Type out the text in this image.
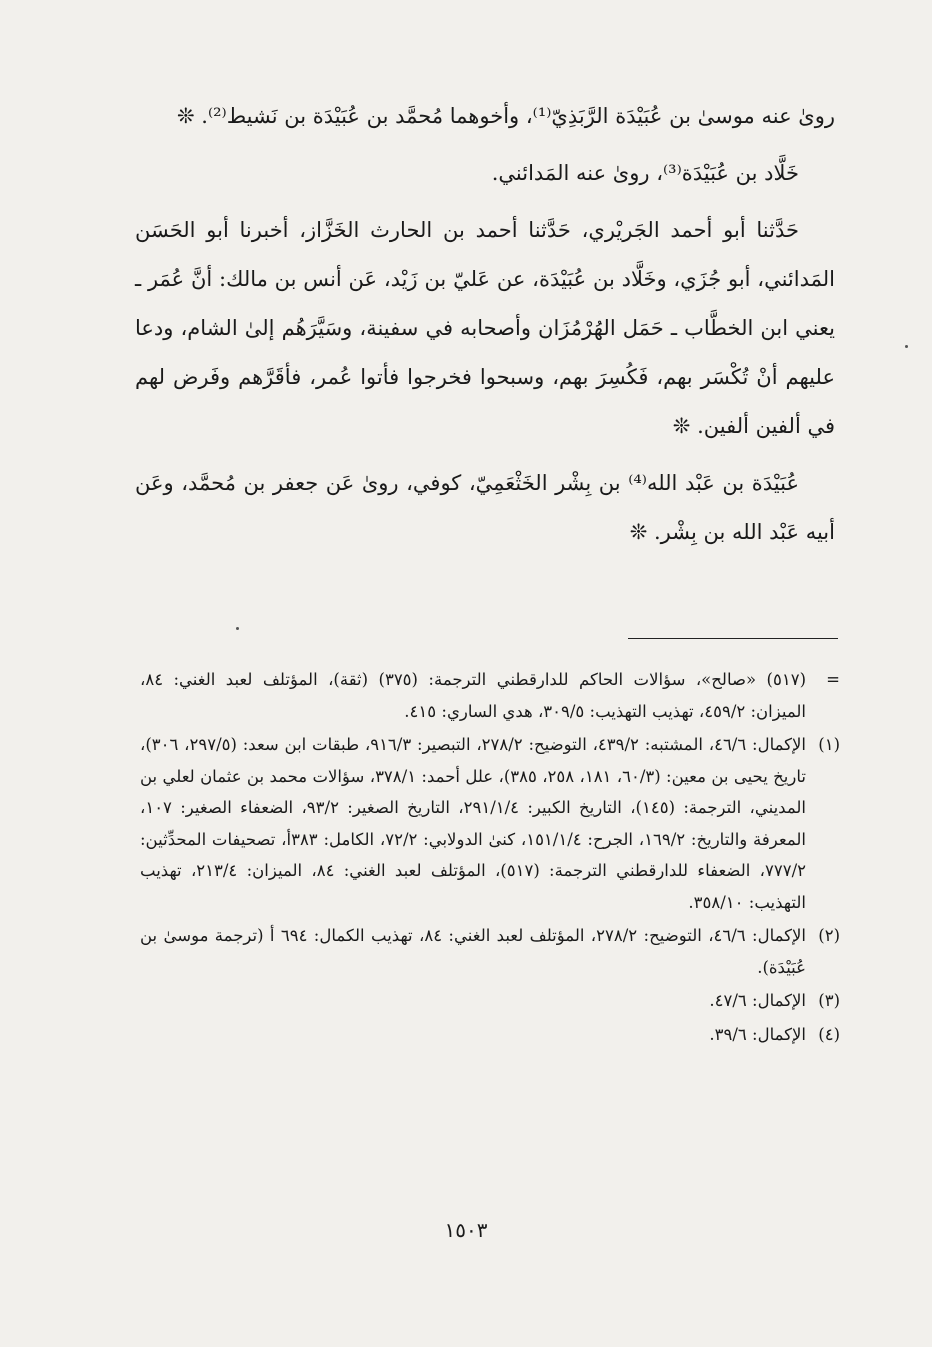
روىٰ عنه موسىٰ بن عُبَيْدَة الرَّبَذِيّ⁽¹⁾، وأخوهما مُحمَّد بن عُبَيْدَة بن نَشيط⁽²⁾. ❊

خَلَّاد بن عُبَيْدَة⁽³⁾، روىٰ عنه المَدائني.

حَدَّثنا أبو أحمد الجَريْري، حَدَّثنا أحمد بن الحارث الخَزَّاز، أخبرنا أبو الحَسَن المَدائني، أبو جُزَي، وخَلَّاد بن عُبَيْدَة، عن عَليّ بن زَيْد، عَن أنس بن مالك: أنَّ عُمَر ـ يعني ابن الخطَّاب ـ حَمَل الهُرْمُزَان وأصحابه في سفينة، وسَيَّرَهُم إلىٰ الشام، ودعا عليهم أنْ تُكْسَر بهم، فَكُسِرَ بهم، وسبحوا فخرجوا فأتوا عُمر، فأقَرَّهم وفَرض لهم في ألفين ألفين. ❊

عُبَيْدَة بن عَبْد الله⁽⁴⁾ بن بِشْر الخَثْعَمِيّ، كوفي، روىٰ عَن جعفر بن مُحمَّد، وعَن أبيه عَبْد الله بن بِشْر. ❊

=
(٥١٧) «صالح»، سؤالات الحاكم للدارقطني الترجمة: (٣٧٥) (ثقة)، المؤتلف لعبد الغني: ٨٤، الميزان: ٤٥٩/٢، تهذيب التهذيب: ٣٠٩/٥، هدي الساري: ٤١٥.
(١)
الإكمال: ٤٦/٦، المشتبه: ٤٣٩/٢، التوضيح: ٢٧٨/٢، التبصير: ٩١٦/٣، طبقات ابن سعد: (٢٩٧/٥، ٣٠٦)، تاريخ يحيى بن معين: (٦٠/٣، ١٨١، ٢٥٨، ٣٨٥)، علل أحمد: ٣٧٨/١، سؤالات محمد بن عثمان لعلي بن المديني، الترجمة: (١٤٥)، التاريخ الكبير: ٢٩١/١/٤، التاريخ الصغير: ٩٣/٢، الضعفاء الصغير: ١٠٧، المعرفة والتاريخ: ١٦٩/٢، الجرح: ١٥١/١/٤، كنىٰ الدولابي: ٧٢/٢، الكامل: ٣٨٣أ، تصحيفات المحدِّثين: ٧٧٧/٢، الضعفاء للدارقطني الترجمة: (٥١٧)، المؤتلف لعبد الغني: ٨٤، الميزان: ٢١٣/٤، تهذيب التهذيب: ٣٥٨/١٠.
(٢)
الإكمال: ٤٦/٦، التوضيح: ٢٧٨/٢، المؤتلف لعبد الغني: ٨٤، تهذيب الكمال: ٦٩٤ أ (ترجمة موسىٰ بن عُبَيْدَة).
(٣)
الإكمال: ٤٧/٦.
(٤)
الإكمال: ٣٩/٦.
١٥٠٣
